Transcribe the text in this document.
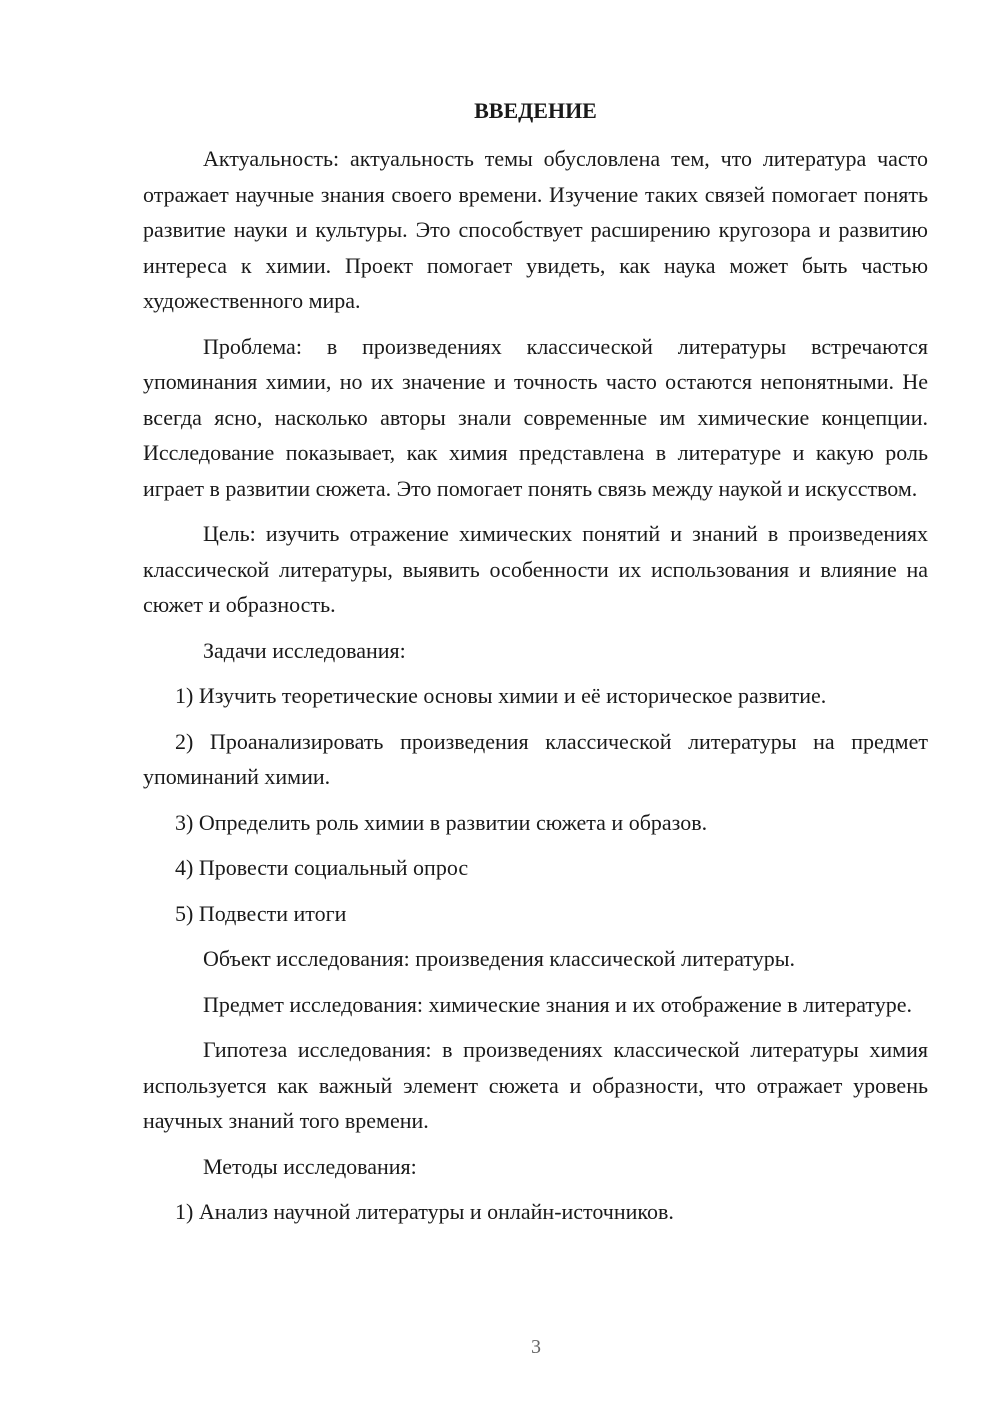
ВВЕДЕНИЕ

Актуальность: актуальность темы обусловлена тем, что литература часто отражает научные знания своего времени. Изучение таких связей помогает понять развитие науки и культуры. Это способствует расширению кругозора и развитию интереса к химии. Проект помогает увидеть, как наука может быть частью художественного мира.

Проблема: в произведениях классической литературы встречаются упоминания химии, но их значение и точность часто остаются непонятными. Не всегда ясно, насколько авторы знали современные им химические концепции. Исследование показывает, как химия представлена в литературе и какую роль играет в развитии сюжета. Это помогает понять связь между наукой и искусством.

Цель: изучить отражение химических понятий и знаний в произведениях классической литературы, выявить особенности их использования и влияние на сюжет и образность.

Задачи исследования:

1) Изучить теоретические основы химии и её историческое развитие.

2) Проанализировать произведения классической литературы на предмет упоминаний химии.

3) Определить роль химии в развитии сюжета и образов.

4) Провести социальный опрос

5) Подвести итоги

Объект исследования: произведения классической литературы.

Предмет исследования: химические знания и их отображение в литературе.

Гипотеза исследования: в произведениях классической литературы химия используется как важный элемент сюжета и образности, что отражает уровень научных знаний того времени.

Методы исследования:

1) Анализ научной литературы и онлайн-источников.

3
